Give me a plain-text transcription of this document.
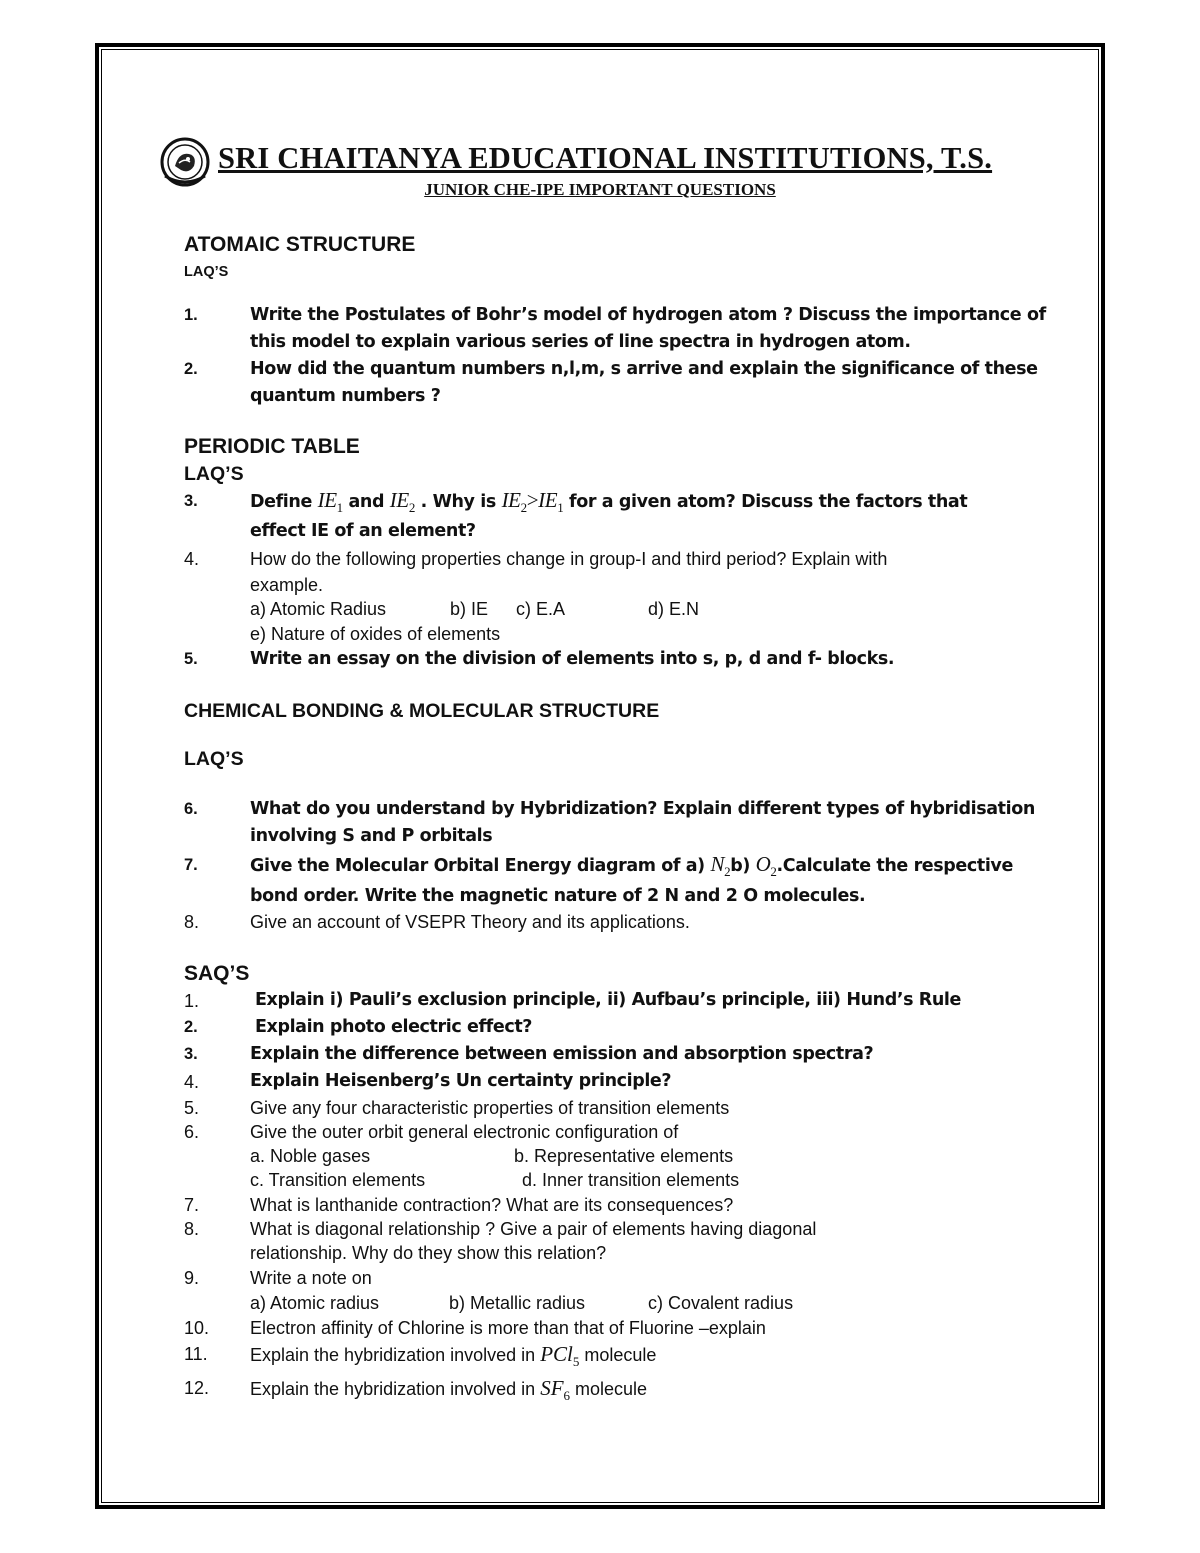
SRI CHAITANYA EDUCATIONAL INSTITUTIONS, T.S.
JUNIOR CHE-IPE IMPORTANT QUESTIONS
ATOMAIC STRUCTURE
LAQ’S
1.	Write the Postulates of Bohr’s model of hydrogen atom ? Discuss the importance of
this model to explain various series of line spectra in hydrogen atom.
2.	How did the quantum numbers n,l,m, s arrive and explain the significance of these
quantum numbers ?
PERIODIC TABLE
LAQ’S
3.	Define $IE_1$ and $IE_2$ . Why is $IE_2>IE_1$ for a given atom? Discuss the factors that
effect IE of an element?
4.	How do the following properties change in group-I and third period? Explain with
example.
a) Atomic Radius	b) IE c) E.A	d) E.N
e) Nature of oxides of elements
5.	Write an essay on the division of elements into s, p, d and f- blocks.
CHEMICAL BONDING & MOLECULAR STRUCTURE
LAQ’S
6.	What do you understand by Hybridization? Explain different types of hybridisation
involving S and P orbitals
7.	Give the Molecular Orbital Energy diagram of a) $N_2b$) $O_2.Calculate$ the respective
bond order. Write the magnetic nature of 2 N and 2 O molecules.
8.	Give an account of VSEPR Theory and its applications.
SAQ’S
1.	Explain i) Pauli’s exclusion principle, ii) Aufbau’s principle, iii) Hund’s Rule
2.	Explain photo electric effect?
3.	Explain the difference between emission and absorption spectra?
4.	Explain Heisenberg’s Un certainty principle?
5.	Give any four characteristic properties of transition elements
6.	Give the outer orbit general electronic configuration of
a. Noble gases	b. Representative elements
c. Transition elements	d. Inner transition elements
7.	What is lanthanide contraction? What are its consequences?
8.	What is diagonal relationship ? Give a pair of elements having diagonal
relationship. Why do they show this relation?
9.	Write a note on
a) Atomic radius	b) Metallic radius	c) Covalent radius
10. Electron affinity of Chlorine is more than that of Fluorine –explain
11. Explain the hybridization involved in PCl$_5$ molecule
12. Explain the hybridization involved in $SF_6$ molecule
